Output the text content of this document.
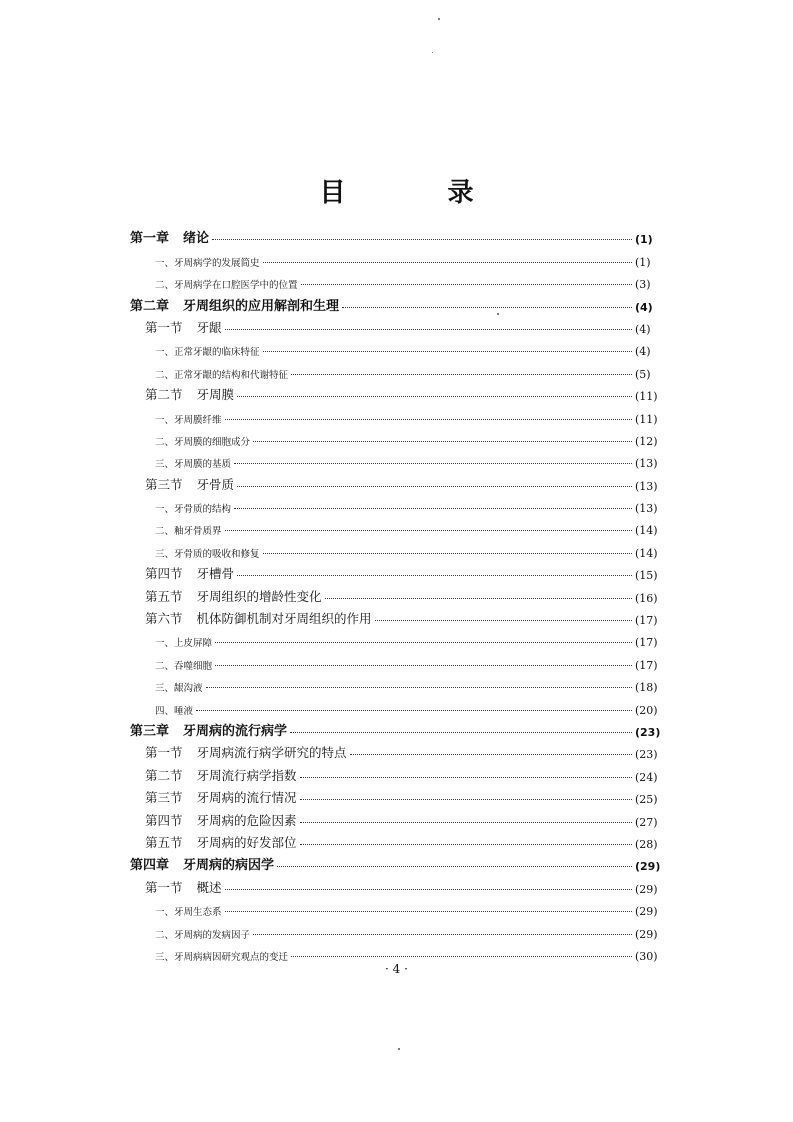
目　录
第一章 绪论	(1)
一、牙周病学的发展简史	(1)
二、牙周病学在口腔医学中的位置	(3)
第二章 牙周组织的应用解剖和生理	(4)
第一节 牙龈	(4)
一、正常牙龈的临床特征	(4)
二、正常牙龈的结构和代谢特征	(5)
第二节 牙周膜	(11)
一、牙周膜纤维	(11)
二、牙周膜的细胞成分	(12)
三、牙周膜的基质	(13)
第三节 牙骨质	(13)
一、牙骨质的结构	(13)
二、釉牙骨质界	(14)
三、牙骨质的吸收和修复	(14)
第四节 牙槽骨	(15)
第五节 牙周组织的增龄性变化	(16)
第六节 机体防御机制对牙周组织的作用	(17)
一、上皮屏障	(17)
二、吞噬细胞	(17)
三、龈沟液	(18)
四、唾液	(20)
第三章 牙周病的流行病学	(23)
第一节 牙周病流行病学研究的特点	(23)
第二节 牙周流行病学指数	(24)
第三节 牙周病的流行情况	(25)
第四节 牙周病的危险因素	(27)
第五节 牙周病的好发部位	(28)
第四章 牙周病的病因学	(29)
第一节 概述	(29)
一、牙周生态系	(29)
二、牙周病的发病因子	(29)
三、牙周病病因研究观点的变迁	(30)
· 4 ·
